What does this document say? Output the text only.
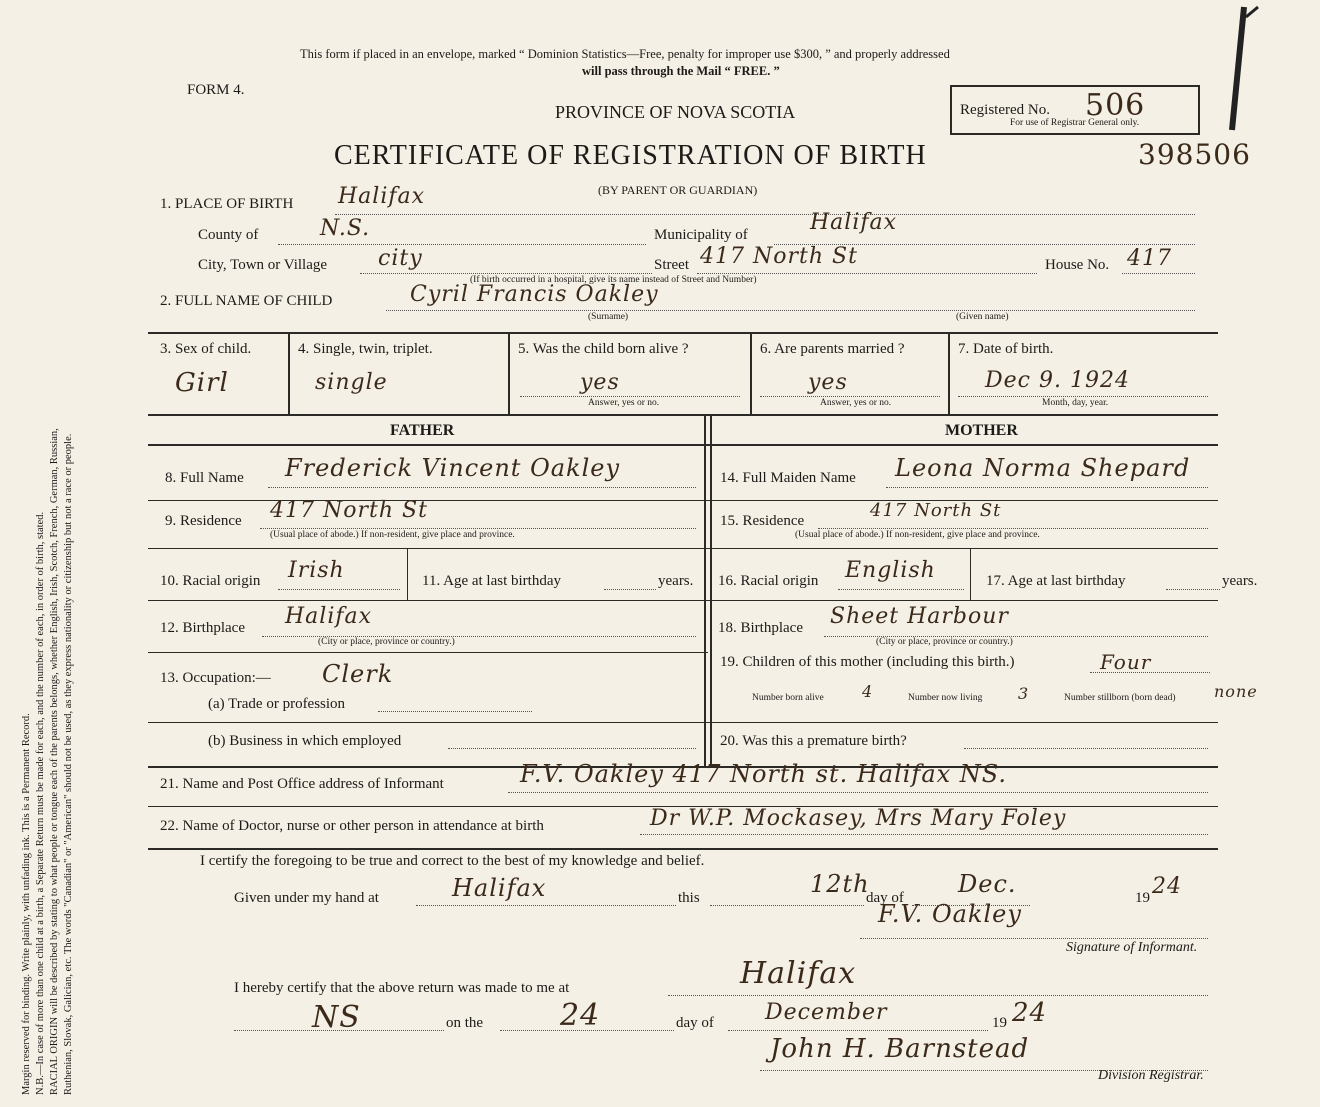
Margin reserved for binding. Write plainly, with unfading ink. This is a Permanent Record. N.B.—In case of more than one child at a birth, a Separate Return must be made for each, and the number of each, in order of birth, stated. RACIAL ORIGIN will be described by stating to what people or tongue each of the parents belongs, whether English, Irish, Scotch, French, German, Russian, Ruthenian, Slovak, Galician, etc. The words "Canadian" or "American" should not be used, as they express nationality or citizenship but not a race or people.
This form if placed in an envelope, marked “ Dominion Statistics—Free, penalty for improper use $300, ” and properly addressed
will pass through the Mail “ FREE. ”
FORM 4.
PROVINCE OF NOVA SCOTIA
CERTIFICATE OF REGISTRATION OF BIRTH
(BY PARENT OR GUARDIAN)
Registered No. 506
For use of Registrar General only.
398506
1. PLACE OF BIRTH Halifax
County of	N.S.	Municipality of	Halifax
City, Town or Village city	Street 417 North St	House No. 417
(If birth occurred in a hospital, give its name instead of Street and Number)
2. FULL NAME OF CHILD	Cyril Francis Oakley
(Surname)	(Given name)
3. Sex of child.
Girl
4. Single, twin, triplet.
single
5. Was the child born alive ?
yes
Answer, yes or no.
6. Are parents married ?
yes
Answer, yes or no.
7. Date of birth.
Dec 9. 1924
Month, day, year.
FATHER	MOTHER
8. Full Name Frederick Vincent Oakley	14. Full Maiden Name Leona Norma Shepard
9. Residence 417 North St
(Usual place of abode.) If non-resident, give place and province.
15. Residence	417 North St
(Usual place of abode.) If non-resident, give place and province.
10. Racial origin Irish	11. Age at last birthday	years. 16. Racial origin English	17. Age at last birthday	years.
12. Birthplace Halifax
(City or place, province or country.)
18. Birthplace Sheet Harbour
(City or place, province or country.)
13. Occupation:— Clerk
(a) Trade or profession
19. Children of this mother (including this birth.)	Four
Number born alive 4	Number now living 3	Number stillborn (born dead) none
(b) Business in which employed	20. Was this a premature birth?
21. Name and Post Office address of Informant	F.V. Oakley 417 North st. Halifax NS.
22. Name of Doctor, nurse or other person in attendance at birth	Dr W.P. Mockasey, Mrs Mary Foley
I certify the foregoing to be true and correct to the best of my knowledge and belief.
Given under my hand at	Halifax	this	12th
day of Dec.	19 24
F.V. Oakley
Signature of Informant.
I hereby certify that the above return was made to me at	Halifax
NS	on the	24	day of December	19 24
John H. Barnstead
Division Registrar.
